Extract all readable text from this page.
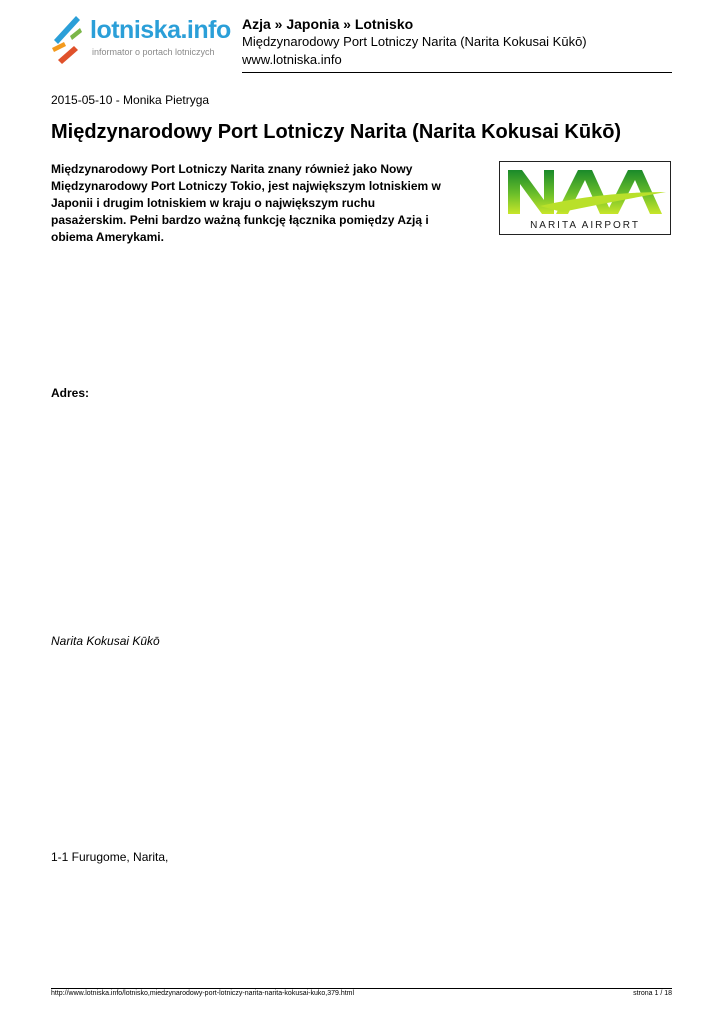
lotniska.info
informator o portach lotniczych
Azja » Japonia » Lotnisko
Międzynarodowy Port Lotniczy Narita (Narita Kokusai Kūkō)
www.lotniska.info
2015-05-10 - Monika Pietryga
Międzynarodowy Port Lotniczy Narita (Narita Kokusai Kūkō)

Międzynarodowy Port Lotniczy Narita znany również jako Nowy Międzynarodowy Port Lotniczy Tokio, jest największym lotniskiem w Japonii i drugim lotniskiem w kraju o największym ruchu pasażerskim. Pełni bardzo ważną funkcję łącznika pomiędzy Azją i obiema Amerykami.

NARITA AIRPORT
Adres:
Narita Kokusai Kūkō
1-1 Furugome, Narita,
http://www.lotniska.info/lotnisko,miedzynarodowy-port-lotniczy-narita-narita-kokusai-kuko,379.html	strona 1 / 18
